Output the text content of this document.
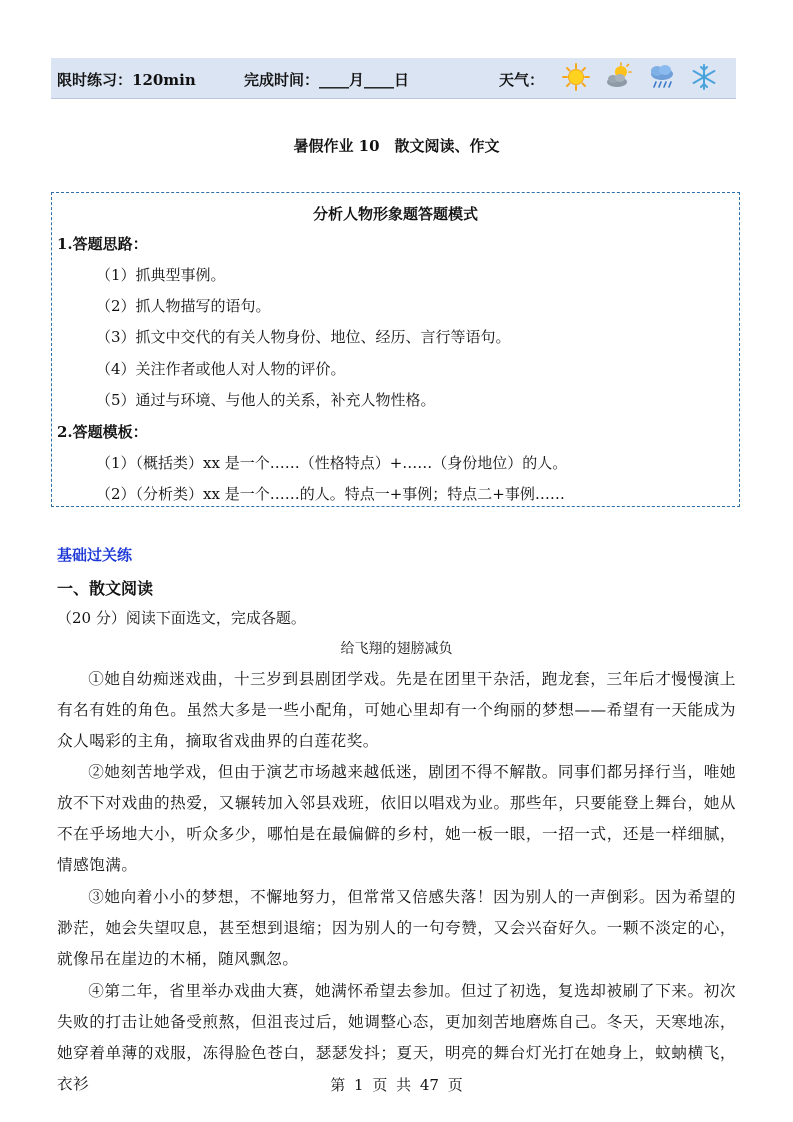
限时练习：120min	完成时间：____月____日	天气：
暑假作业 10　散文阅读、作文
分析人物形象题答题模式
1.答题思路：
（1）抓典型事例。
（2）抓人物描写的语句。
（3）抓文中交代的有关人物身份、地位、经历、言行等语句。
（4）关注作者或他人对人物的评价。
（5）通过与环境、与他人的关系，补充人物性格。
2.答题模板：
（1）（概括类）xx 是一个……（性格特点）+……（身份地位）的人。
（2）（分析类）xx 是一个……的人。特点一+事例；特点二+事例……
基础过关练
一、散文阅读
（20 分）阅读下面选文，完成各题。
给飞翔的翅膀减负
①她自幼痴迷戏曲，十三岁到县剧团学戏。先是在团里干杂活，跑龙套，三年后才慢慢演上有名有姓的角色。虽然大多是一些小配角，可她心里却有一个绚丽的梦想——希望有一天能成为众人喝彩的主角，摘取省戏曲界的白莲花奖。
②她刻苦地学戏，但由于演艺市场越来越低迷，剧团不得不解散。同事们都另择行当，唯她放不下对戏曲的热爱，又辗转加入邻县戏班，依旧以唱戏为业。那些年，只要能登上舞台，她从不在乎场地大小，听众多少，哪怕是在最偏僻的乡村，她一板一眼，一招一式，还是一样细腻，情感饱满。
③她向着小小的梦想，不懈地努力，但常常又倍感失落！因为别人的一声倒彩。因为希望的渺茫，她会失望叹息，甚至想到退缩；因为别人的一句夸赞，又会兴奋好久。一颗不淡定的心，就像吊在崖边的木桶，随风飘忽。
④第二年，省里举办戏曲大赛，她满怀希望去参加。但过了初选，复选却被刷了下来。初次失败的打击让她备受煎熬，但沮丧过后，她调整心态，更加刻苦地磨炼自己。冬天，天寒地冻，她穿着单薄的戏服，冻得脸色苍白，瑟瑟发抖；夏天，明亮的舞台灯光打在她身上，蚊蚋横飞，衣衫	第 1 页 共 47 页
